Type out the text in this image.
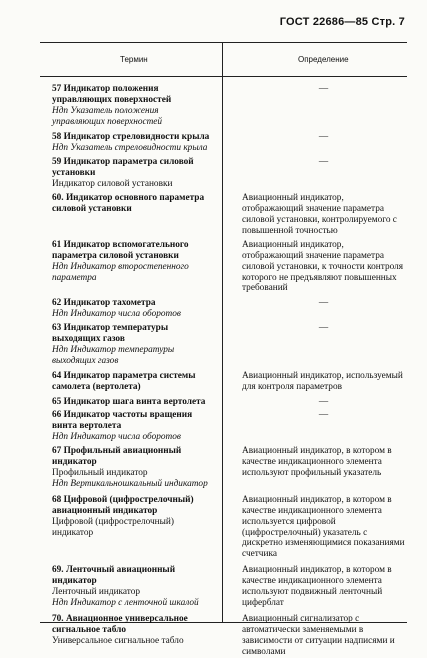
ГОСТ 22686—85 Стр. 7
Термин	Определение
57 Индикатор положения управляющих поверхностей
Ндп Указатель положения управляющих поверхностей
—
58 Индикатор стреловидности крыла
Ндп Указатель стреловидности крыла
—
59 Индикатор параметра силовой установки
Индикатор силовой установки
—
60. Индикатор основного параметра силовой установки
Авиационный индикатор, отображающий значение параметра силовой установки, контролируемого с повышенной точностью
61 Индикатор вспомогательного параметра силовой установки
Ндп Индикатор второстепенного параметра
Авиационный индикатор, отображающий значение параметра силовой установки, к точности контроля которого не предъявляют повышенных требований
62 Индикатор тахометра
Ндп Индикатор числа оборотов
—
63 Индикатор температуры выходящих газов
Ндп Индикатор температуры выходящих газов
—
64 Индикатор параметра системы самолета (вертолета)
Авиационный индикатор, используемый для контроля параметров
65 Индикатор шага винта вертолета	—
66 Индикатор частоты вращения винта вертолета
Ндп Индикатор числа оборотов
—
67 Профильный авиационный индикатор
Профильный индикатор
Ндп Вертикальношкальный индикатор
Авиационный индикатор, в котором в качестве индикационного элемента используют профильный указатель
68 Цифровой (цифрострелочный) авиационный индикатор
Цифровой (цифрострелочный) индикатор
Авиационный индикатор, в котором в качестве индикационного элемента используется цифровой (цифрострелочный) указатель с дискретно изменяющимися показаниями счетчика
69. Ленточный авиационный индикатор
Ленточный индикатор
Ндп Индикатор с ленточной шкалой
Авиационный индикатор, в котором в качестве индикационного элемента используют подвижный ленточный циферблат
70. Авиационное универсальное сигнальное табло
Универсальное сигнальное табло
Авиационный сигнализатор с автоматически заменяемыми в зависимости от ситуации надписями и символами
